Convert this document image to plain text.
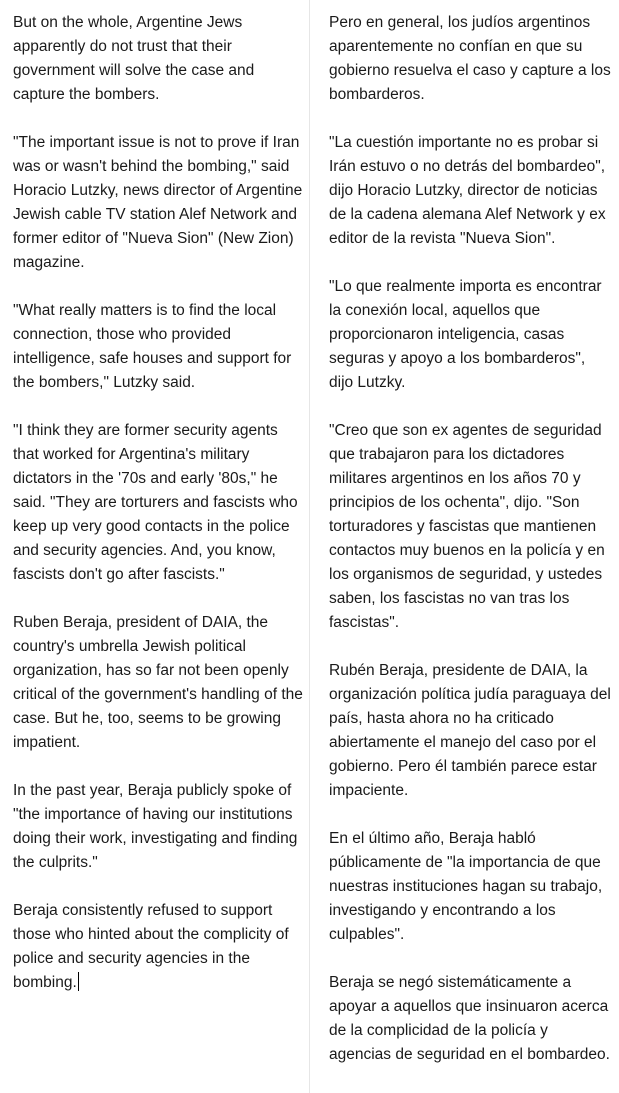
But on the whole, Argentine Jews apparently do not trust that their government will solve the case and capture the bombers.

"The important issue is not to prove if Iran was or wasn't behind the bombing," said Horacio Lutzky, news director of Argentine Jewish cable TV station Alef Network and former editor of "Nueva Sion" (New Zion) magazine.

"What really matters is to find the local connection, those who provided intelligence, safe houses and support for the bombers," Lutzky said.

"I think they are former security agents that worked for Argentina's military dictators in the '70s and early '80s," he said. "They are torturers and fascists who keep up very good contacts in the police and security agencies. And, you know, fascists don't go after fascists."

Ruben Beraja, president of DAIA, the country's umbrella Jewish political organization, has so far not been openly critical of the government's handling of the case. But he, too, seems to be growing impatient.

In the past year, Beraja publicly spoke of "the importance of having our institutions doing their work, investigating and finding the culprits."

Beraja consistently refused to support those who hinted about the complicity of police and security agencies in the bombing.

Pero en general, los judíos argentinos aparentemente no confían en que su gobierno resuelva el caso y capture a los bombarderos.

"La cuestión importante no es probar si Irán estuvo o no detrás del bombardeo", dijo Horacio Lutzky, director de noticias de la cadena alemana Alef Network y ex editor de la revista "Nueva Sion".

"Lo que realmente importa es encontrar la conexión local, aquellos que proporcionaron inteligencia, casas seguras y apoyo a los bombarderos", dijo Lutzky.

"Creo que son ex agentes de seguridad que trabajaron para los dictadores militares argentinos en los años 70 y principios de los ochenta", dijo. "Son torturadores y fascistas que mantienen contactos muy buenos en la policía y en los organismos de seguridad, y ustedes saben, los fascistas no van tras los fascistas".

Rubén Beraja, presidente de DAIA, la organización política judía paraguaya del país, hasta ahora no ha criticado abiertamente el manejo del caso por el gobierno. Pero él también parece estar impaciente.

En el último año, Beraja habló públicamente de "la importancia de que nuestras instituciones hagan su trabajo, investigando y encontrando a los culpables".

Beraja se negó sistemáticamente a apoyar a aquellos que insinuaron acerca de la complicidad de la policía y agencias de seguridad en el bombardeo.
